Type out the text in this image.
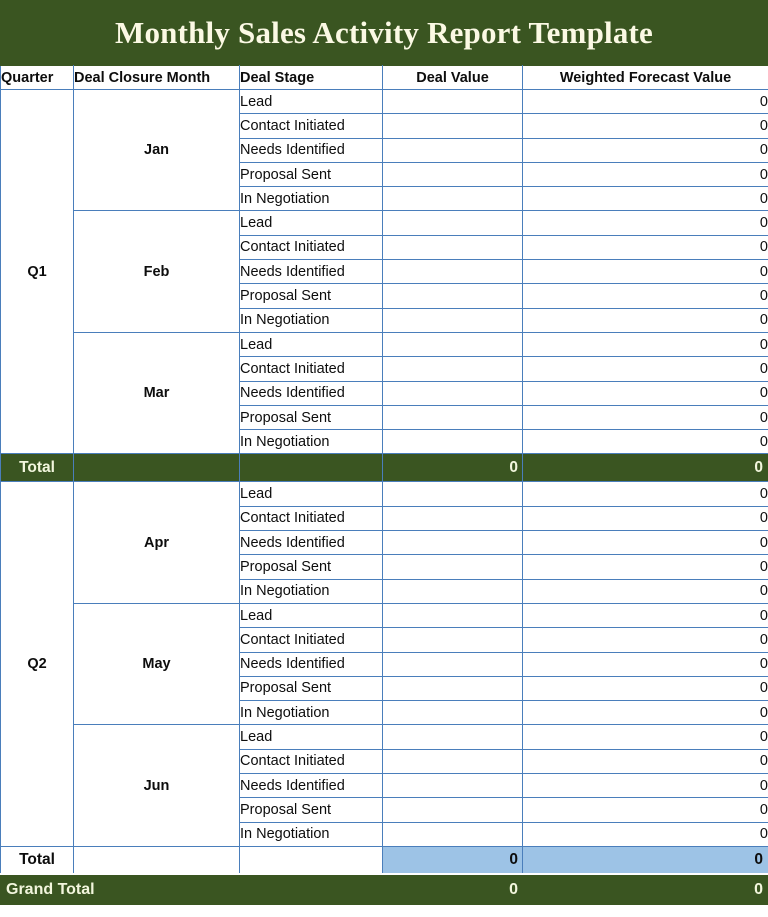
Monthly Sales Activity Report Template
Quarter	Deal Closure Month	Deal Stage	Deal Value	Weighted Forecast Value
Q1	Jan	Lead		0
		Contact Initiated		0
		Needs Identified		0
		Proposal Sent		0
		In Negotiation		0
	Feb	Lead		0
		Contact Initiated		0
		Needs Identified		0
		Proposal Sent		0
		In Negotiation		0
	Mar	Lead		0
		Contact Initiated		0
		Needs Identified		0
		Proposal Sent		0
		In Negotiation		0
Total			0	0
Q2	Apr	Lead		0
		Contact Initiated		0
		Needs Identified		0
		Proposal Sent		0
		In Negotiation		0
	May	Lead		0
		Contact Initiated		0
		Needs Identified		0
		Proposal Sent		0
		In Negotiation		0
	Jun	Lead		0
		Contact Initiated		0
		Needs Identified		0
		Proposal Sent		0
		In Negotiation		0
Total			0	0
Grand Total			0	0
